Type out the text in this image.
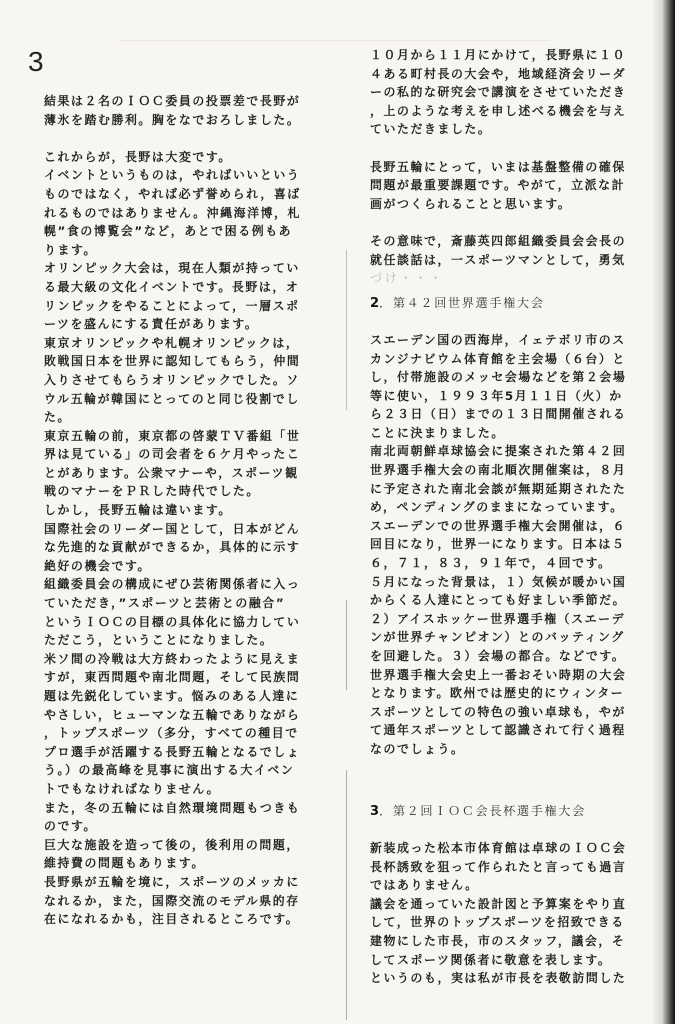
3
結果は２名のＩＯＣ委員の投票差で長野が
薄氷を踏む勝利。胸をなでおろしました。
これからが，長野は大変です。
イベントというものは，やればいいという
ものではなく，やれば必ず誉められ，喜ば
れるものではありません。沖縄海洋博，札
幌”食の博覧会”など，あとで困る例もあ
ります。
オリンピック大会は，現在人類が持ってい
る最大級の文化イベントです。長野は，オ
リンピックをやることによって，一層スポ
ーツを盛んにする責任があります。
東京オリンピックや札幌オリンピックは，
敗戦国日本を世界に認知してもらう，仲間
入りさせてもらうオリンピックでした。ソ
ウル五輪が韓国にとってのと同じ役割でし
た。
東京五輪の前，東京都の啓蒙ＴＶ番組「世
界は見ている」の司会者を６ケ月やったこ
とがあります。公衆マナーや，スポーツ観
戦のマナーをＰＲした時代でした。
しかし，長野五輪は違います。
国際社会のリーダー国として，日本がどん
な先進的な貢献ができるか，具体的に示す
絶好の機会です。
組織委員会の構成にぜひ芸術関係者に入っ
ていただき，”スポーツと芸術との融合”
というＩＯＣの目標の具体化に協力してい
ただこう，ということになりました。
米ソ間の冷戦は大方終わったように見えま
すが，東西問題や南北問題，そして民族問
題は先鋭化しています。悩みのある人達に
やさしい，ヒューマンな五輪でありながら
，トップスポーツ（多分，すべての種目で
プロ選手が活躍する長野五輪となるでしょ
う。）の最高峰を見事に演出する大イベン
トでもなければなりません。
また，冬の五輪には自然環境問題もつきも
のです。
巨大な施設を造って後の，後利用の問題，
維持費の問題もあります。
長野県が五輪を境に，スポーツのメッカに
なれるか，また，国際交流のモデル県的存
在になれるかも，注目されるところです。
１０月から１１月にかけて，長野県に１０
４ある町村長の大会や，地域経済会リーダ
ーの私的な研究会で講演をさせていただき
，上のような考えを申し述べる機会を与え
ていただきました。
長野五輪にとって，いまは基盤整備の確保
問題が最重要課題です。やがて，立派な計
画がつくられることと思います。
その意味で，斎藤英四郎組織委員会会長の
就任談話は，一スポーツマンとして，勇気
づけ・・・
2．第４２回世界選手権大会
スエーデン国の西海岸，イェテボリ市のス
カンジナビウム体育館を主会場（６台）と
し，付帯施設のメッセ会場などを第２会場
等に使い，１９９３年5月１１日（火）か
ら２３日（日）までの１３日間開催される
ことに決まりました。
南北両朝鮮卓球協会に提案された第４２回
世界選手権大会の南北順次開催案は，８月
に予定された南北会談が無期延期されたた
め，ペンディングのままになっています。
スエーデンでの世界選手権大会開催は，６
回目になり，世界一になります。日本は５
６，７１，８３，９１年で，４回です。
５月になった背景は，１）気候が暖かい国
からくる人達にとっても好ましい季節だ。
２）アイスホッケー世界選手権（スエーデ
ンが世界チャンピオン）とのバッティング
を回避した。３）会場の都合。などです。
世界選手権大会史上一番おそい時期の大会
となります。欧州では歴史的にウィンター
スポーツとしての特色の強い卓球も，やが
て通年スポーツとして認識されて行く過程
なのでしょう。
3．第２回ＩＯＣ会長杯選手権大会
新装成った松本市体育館は卓球のＩＯＣ会
長杯誘致を狙って作られたと言っても過言
ではありません。
議会を通っていた設計図と予算案をやり直
して，世界のトップスポーツを招致できる
建物にした市長，市のスタッフ，議会，そ
してスポーツ関係者に敬意を表します。
というのも，実は私が市長を表敬訪問した
